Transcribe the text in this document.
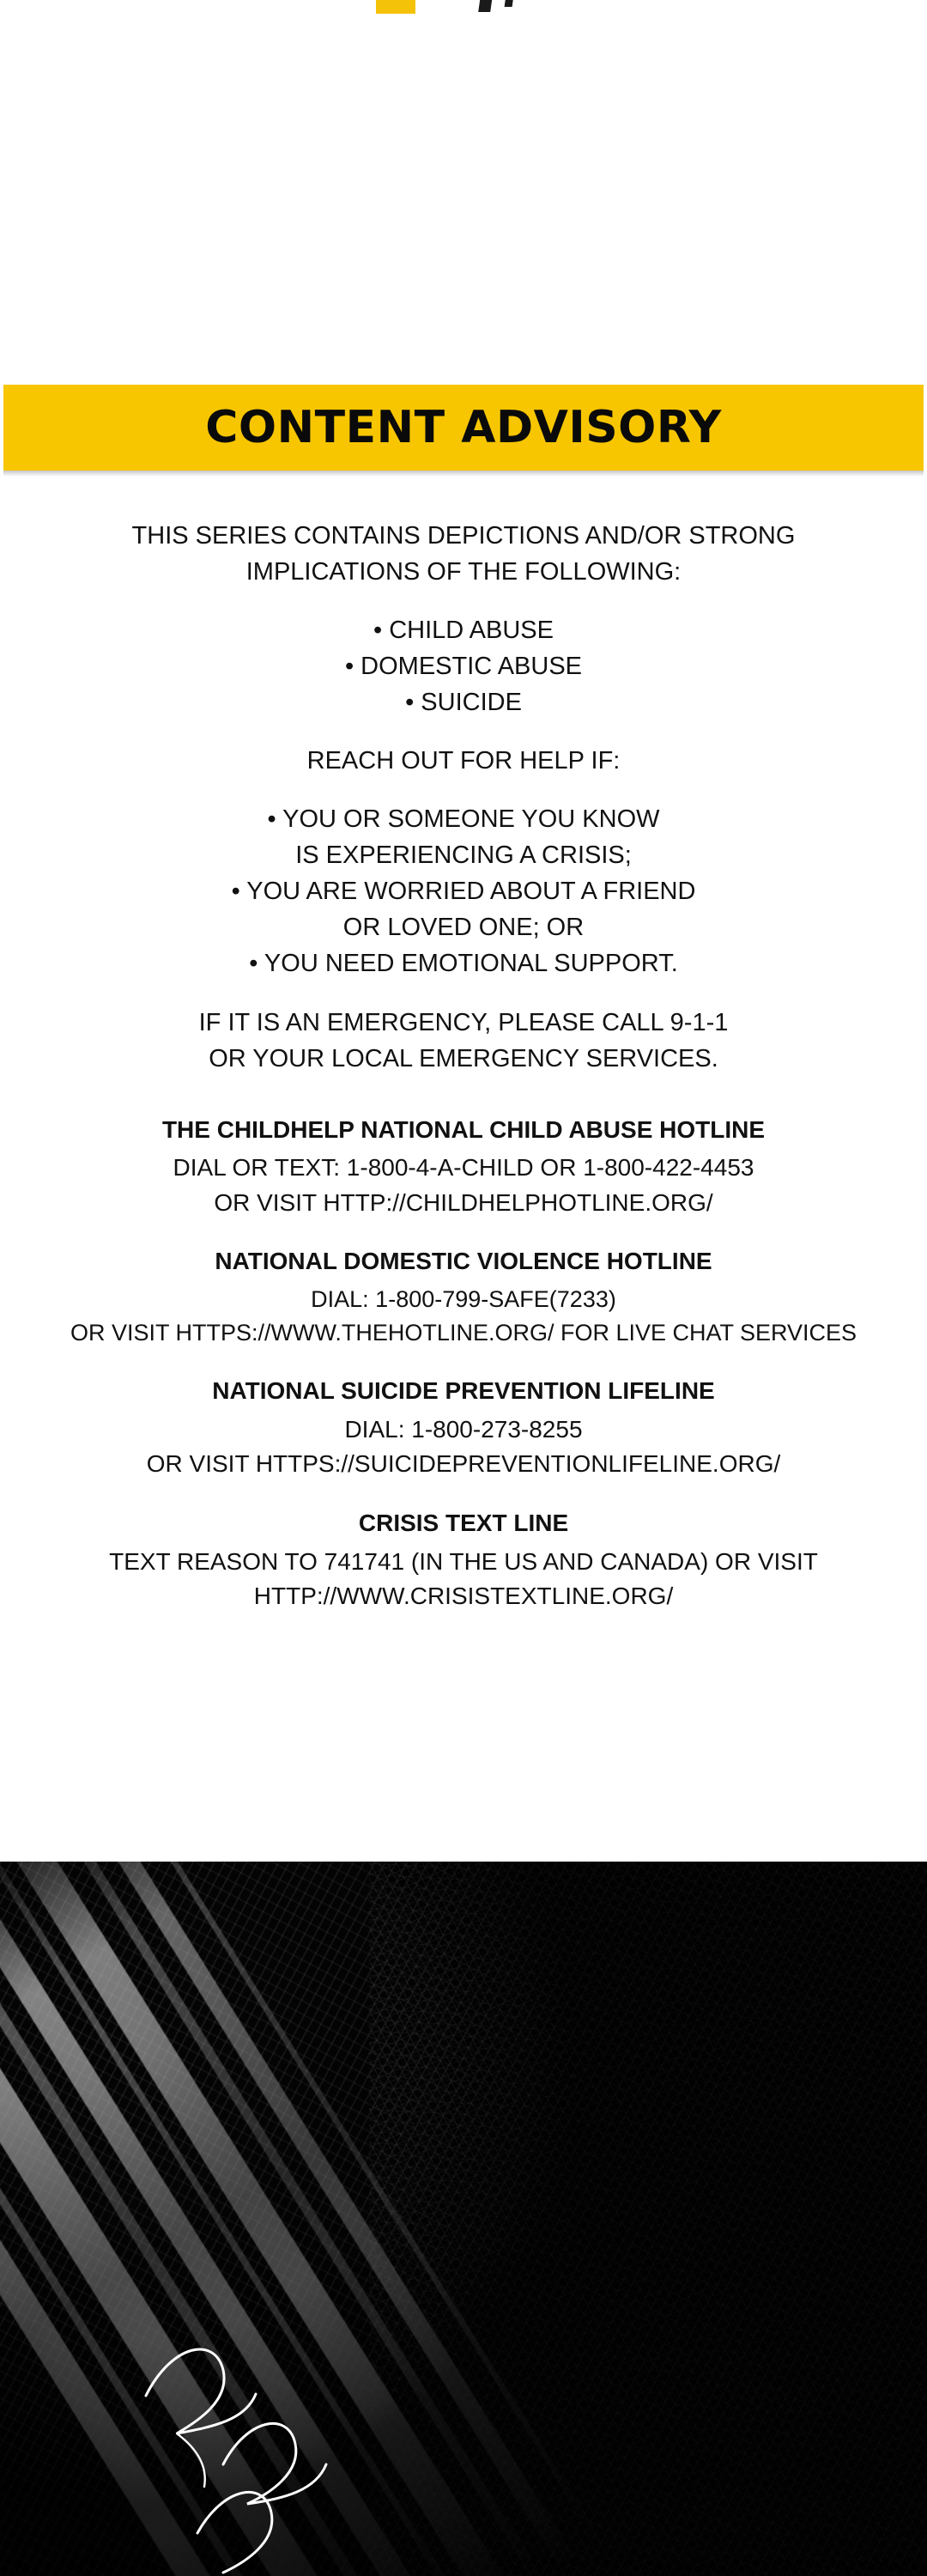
CONTENT ADVISORY
THIS SERIES CONTAINS DEPICTIONS AND/OR STRONG
IMPLICATIONS OF THE FOLLOWING:
• CHILD ABUSE
• DOMESTIC ABUSE
• SUICIDE
REACH OUT FOR HELP IF:
• YOU OR SOMEONE YOU KNOW
IS EXPERIENCING A CRISIS;
• YOU ARE WORRIED ABOUT A FRIEND
OR LOVED ONE; OR
• YOU NEED EMOTIONAL SUPPORT.
IF IT IS AN EMERGENCY, PLEASE CALL 9-1-1
OR YOUR LOCAL EMERGENCY SERVICES.
THE CHILDHELP NATIONAL CHILD ABUSE HOTLINE
DIAL OR TEXT: 1-800-4-A-CHILD OR 1-800-422-4453
OR VISIT HTTP://CHILDHELPHOTLINE.ORG/
NATIONAL DOMESTIC VIOLENCE HOTLINE
DIAL: 1-800-799-SAFE(7233)
OR VISIT HTTPS://WWW.THEHOTLINE.ORG/ FOR LIVE CHAT SERVICES
NATIONAL SUICIDE PREVENTION LIFELINE
DIAL: 1-800-273-8255
OR VISIT HTTPS://SUICIDEPREVENTIONLIFELINE.ORG/
CRISIS TEXT LINE
TEXT REASON TO 741741 (IN THE US AND CANADA) OR VISIT
HTTP://WWW.CRISISTEXTLINE.ORG/
